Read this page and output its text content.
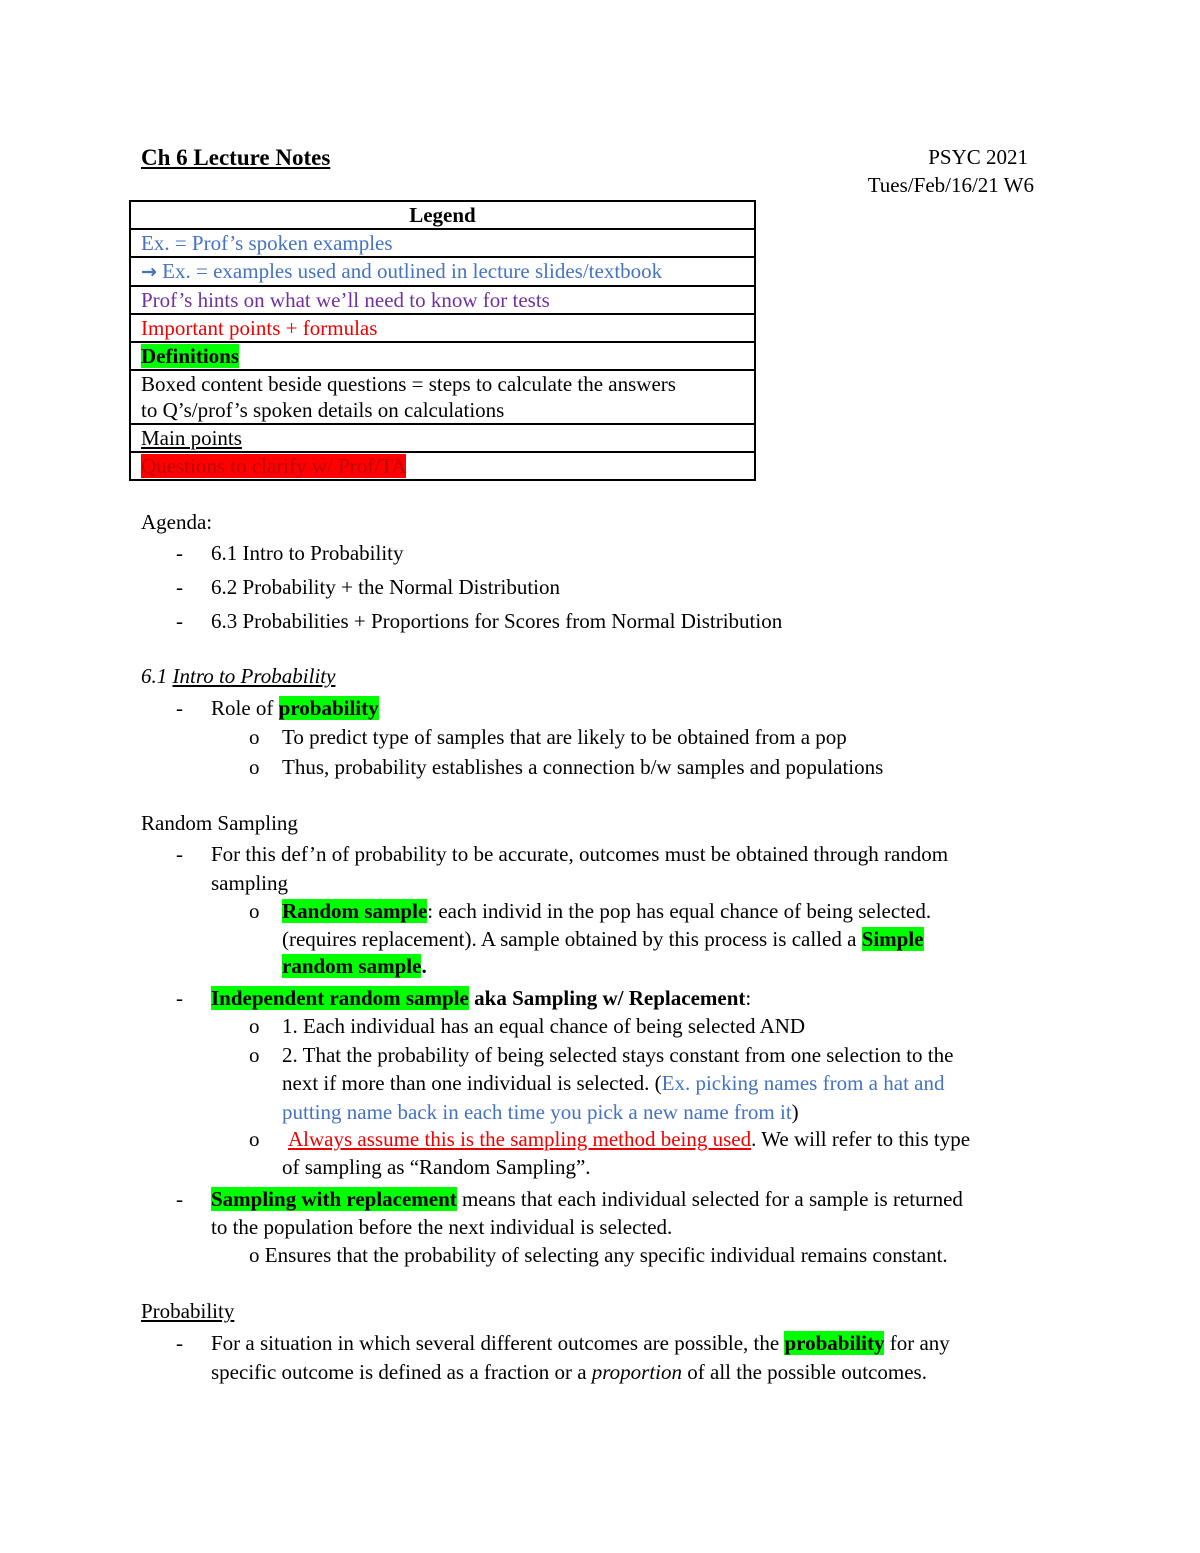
Ch 6 Lecture Notes	PSYC 2021
Tues/Feb/16/21 W6
Legend
Ex. = Prof’s spoken examples
→ Ex. = examples used and outlined in lecture slides/textbook
Prof’s hints on what we’ll need to know for tests
Important points + formulas
Definitions

Boxed content beside questions = steps to calculate the answers
to Q’s/prof’s spoken details on calculations

Main points
Questions to clarify w/ Prof/TA
Agenda:
- 6.1 Intro to Probability
- 6.2 Probability + the Normal Distribution
- 6.3 Probabilities + Proportions for Scores from Normal Distribution
6.1 Intro to Probability
- Role of probability
o To predict type of samples that are likely to be obtained from a pop
o Thus, probability establishes a connection b/w samples and populations
Random Sampling
- For this def’n of probability to be accurate, outcomes must be obtained through random
sampling
o Random sample: each individ in the pop has equal chance of being selected.
(requires replacement). A sample obtained by this process is called a Simple
random sample.
- Independent random sample aka Sampling w/ Replacement:
o 1. Each individual has an equal chance of being selected AND
o 2. That the probability of being selected stays constant from one selection to the
next if more than one individual is selected. (Ex. picking names from a hat and
putting name back in each time you pick a new name from it)
o Always assume this is the sampling method being used. We will refer to this type
of sampling as “Random Sampling”.
- Sampling with replacement means that each individual selected for a sample is returned
to the population before the next individual is selected.
o Ensures that the probability of selecting any specific individual remains constant.
Probability
- For a situation in which several different outcomes are possible, the probability for any
specific outcome is defined as a fraction or a proportion of all the possible outcomes.
